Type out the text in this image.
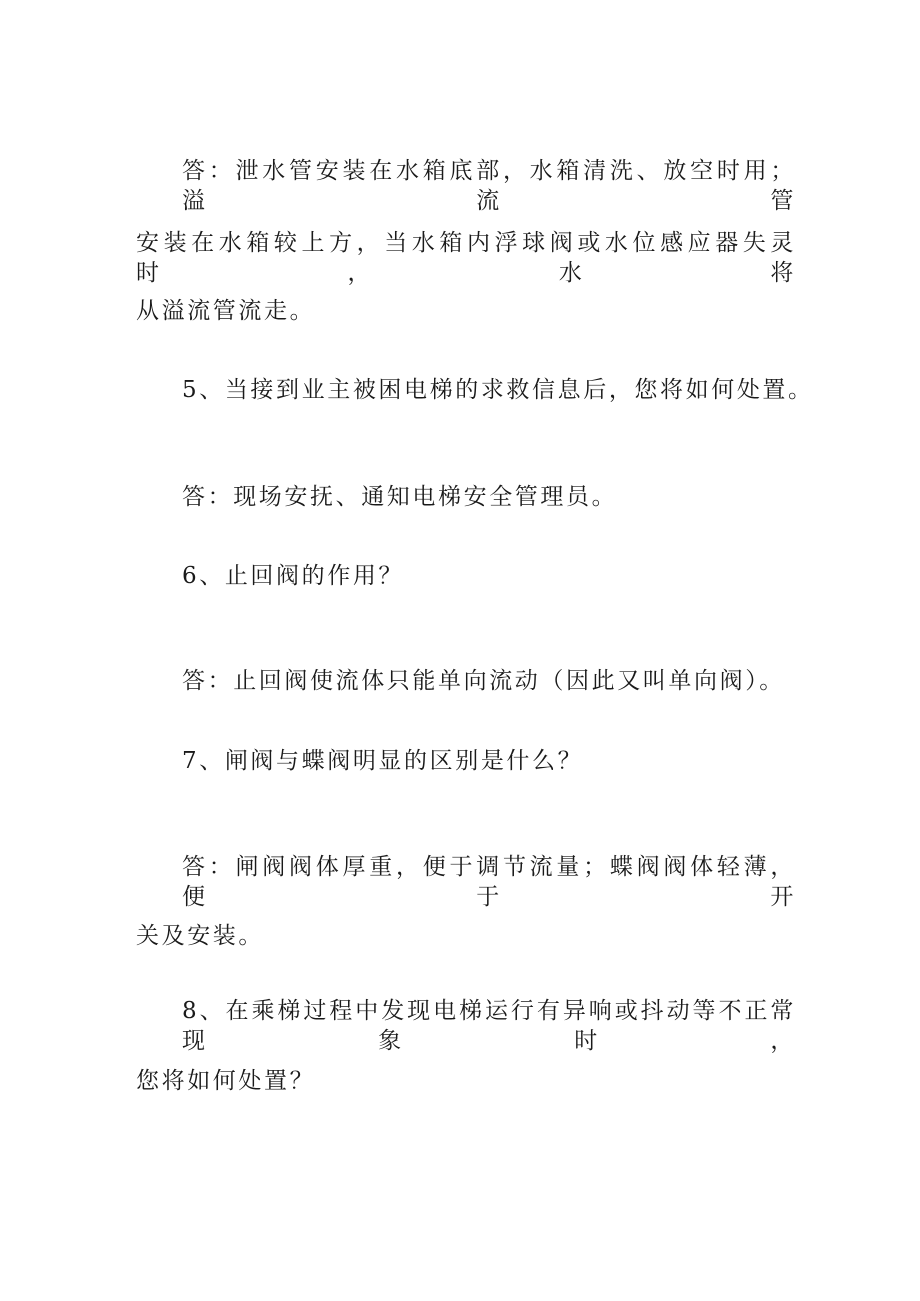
答：泄水管安装在水箱底部，水箱清洗、放空时用；溢流管

安装在水箱较上方，当水箱内浮球阀或水位感应器失灵时，水将

从溢流管流走。

5、当接到业主被困电梯的求救信息后，您将如何处置。

答：现场安抚、通知电梯安全管理员。

6、止回阀的作用？

答：止回阀使流体只能单向流动（因此又叫单向阀）。

7、闸阀与蝶阀明显的区别是什么？

答：闸阀阀体厚重，便于调节流量；蝶阀阀体轻薄，便于开

关及安装。

8、在乘梯过程中发现电梯运行有异响或抖动等不正常现象时，

您将如何处置？
